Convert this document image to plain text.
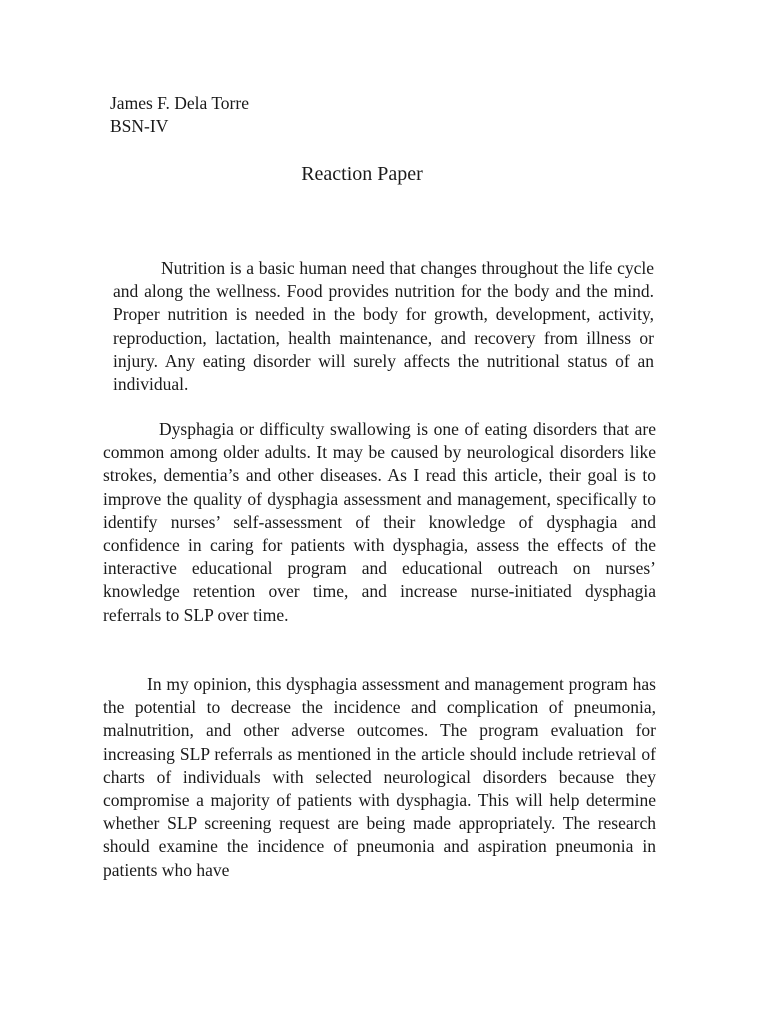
James F. Dela Torre
BSN-IV
Reaction Paper

Nutrition is a basic human need that changes throughout the life cycle and along the wellness. Food provides nutrition for the body and the mind. Proper nutrition is needed in the body for growth, development, activity, reproduction, lactation, health maintenance, and recovery from illness or injury. Any eating disorder will surely affects the nutritional status of an individual.

Dysphagia or difficulty swallowing is one of eating disorders that are common among older adults. It may be caused by neurological disorders like strokes, dementia’s and other diseases. As I read this article, their goal is to improve the quality of dysphagia assessment and management, specifically to identify nurses’ self-assessment of their knowledge of dysphagia and confidence in caring for patients with dysphagia, assess the effects of the interactive educational program and educational outreach on nurses’ knowledge retention over time, and increase nurse-initiated dysphagia referrals to SLP over time.

In my opinion, this dysphagia assessment and management program has the potential to decrease the incidence and complication of pneumonia, malnutrition, and other adverse outcomes. The program evaluation for increasing SLP referrals as mentioned in the article should include retrieval of charts of individuals with selected neurological disorders because they compromise a majority of patients with dysphagia. This will help determine whether SLP screening request are being made appropriately. The research should examine the incidence of pneumonia and aspiration pneumonia in patients who have
